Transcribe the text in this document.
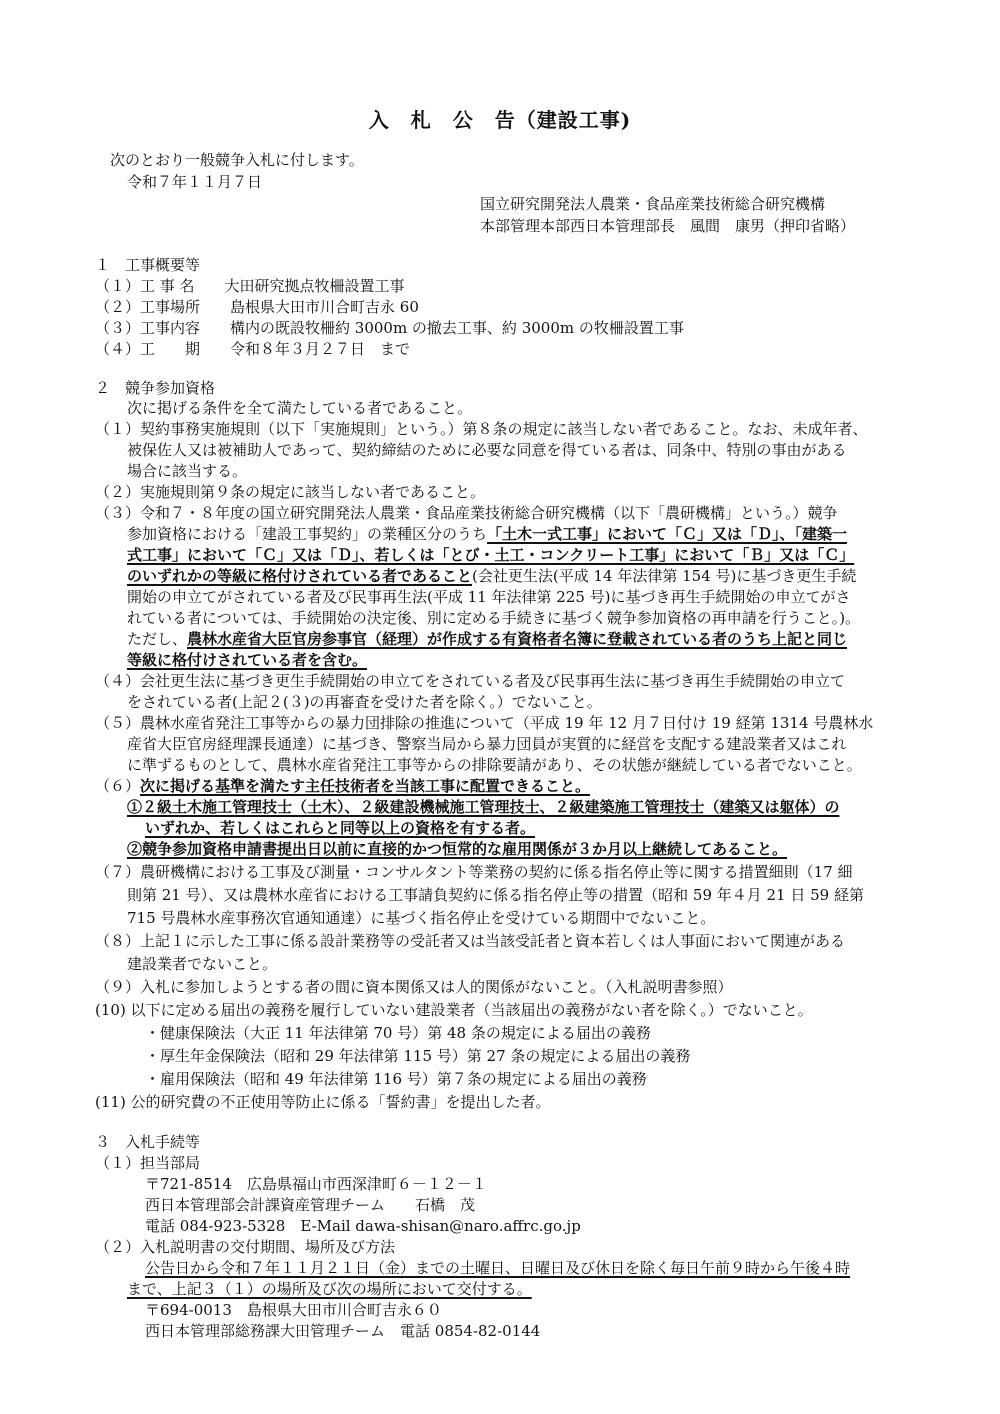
入　札　公　告（建設工事)
次のとおり一般競争入札に付します。
令和７年１１月７日
国立研究開発法人農業・食品産業技術総合研究機構
本部管理本部西日本管理部長　風間　康男（押印省略）
１　工事概要等
（１）工 事 名　　大田研究拠点牧柵設置工事
（２）工事場所　　島根県大田市川合町吉永 60
（３）工事内容　　構内の既設牧柵約 3000m の撤去工事、約 3000m の牧柵設置工事
（４）工　　期　　令和８年３月２７日　まで
２　競争参加資格
次に掲げる条件を全て満たしている者であること。
（１）契約事務実施規則（以下「実施規則」という。）第８条の規定に該当しない者であること。なお、未成年者、
被保佐人又は被補助人であって、契約締結のために必要な同意を得ている者は、同条中、特別の事由がある
場合に該当する。
（２）実施規則第９条の規定に該当しない者であること。
（３）令和７・８年度の国立研究開発法人農業・食品産業技術総合研究機構（以下「農研機構」という。）競争
参加資格における「建設工事契約」の業種区分のうち「土木一式工事」において「Ｃ」又は「Ｄ」、「建築一
式工事」において「Ｃ」又は「Ｄ」、若しくは「とび・土工・コンクリート工事」において「Ｂ」又は「Ｃ」
のいずれかの等級に格付けされている者であること(会社更生法(平成 14 年法律第 154 号)に基づき更生手続
開始の申立てがされている者及び民事再生法(平成 11 年法律第 225 号)に基づき再生手続開始の申立てがさ
れている者については、手続開始の決定後、別に定める手続きに基づく競争参加資格の再申請を行うこと。)。
ただし、農林水産省大臣官房参事官（経理）が作成する有資格者名簿に登載されている者のうち上記と同じ
等級に格付けされている者を含む。
（４）会社更生法に基づき更生手続開始の申立てをされている者及び民事再生法に基づき再生手続開始の申立て
をされている者(上記２(３)の再審査を受けた者を除く。）でないこと。
（５）農林水産省発注工事等からの暴力団排除の推進について（平成 19 年 12 月７日付け 19 経第 1314 号農林水
産省大臣官房経理課長通達）に基づき、警察当局から暴力団員が実質的に経営を支配する建設業者又はこれ
に準ずるものとして、農林水産省発注工事等からの排除要請があり、その状態が継続している者でないこと。
（６）次に掲げる基準を満たす主任技術者を当該工事に配置できること。
①２級土木施工管理技士（土木）、２級建設機械施工管理技士、２級建築施工管理技士（建築又は躯体）の
いずれか、若しくはこれらと同等以上の資格を有する者。
②競争参加資格申請書提出日以前に直接的かつ恒常的な雇用関係が３か月以上継続してあること。
（７）農研機構における工事及び測量・コンサルタント等業務の契約に係る指名停止等に関する措置細則（17 細
則第 21 号）、又は農林水産省における工事請負契約に係る指名停止等の措置（昭和 59 年４月 21 日 59 経第
715 号農林水産事務次官通知通達）に基づく指名停止を受けている期間中でないこと。
（８）上記１に示した工事に係る設計業務等の受託者又は当該受託者と資本若しくは人事面において関連がある
建設業者でないこと。
（９）入札に参加しようとする者の間に資本関係又は人的関係がないこと。（入札説明書参照）
(10) 以下に定める届出の義務を履行していない建設業者（当該届出の義務がない者を除く。）でないこと。
・健康保険法（大正 11 年法律第 70 号）第 48 条の規定による届出の義務
・厚生年金保険法（昭和 29 年法律第 115 号）第 27 条の規定による届出の義務
・雇用保険法（昭和 49 年法律第 116 号）第７条の規定による届出の義務
(11) 公的研究費の不正使用等防止に係る「誓約書」を提出した者。
３　入札手続等
（１）担当部局
〒721-8514　広島県福山市西深津町６－１２－１
西日本管理部会計課資産管理チーム　　石橋　茂
電話 084-923-5328　E-Mail dawa-shisan@naro.affrc.go.jp
（２）入札説明書の交付期間、場所及び方法
公告日から令和７年１１月２１日（金）までの土曜日、日曜日及び休日を除く毎日午前９時から午後４時
まで、上記３（１）の場所及び次の場所において交付する。
〒694-0013　島根県大田市川合町吉永６０
西日本管理部総務課大田管理チーム　電話 0854-82-0144
